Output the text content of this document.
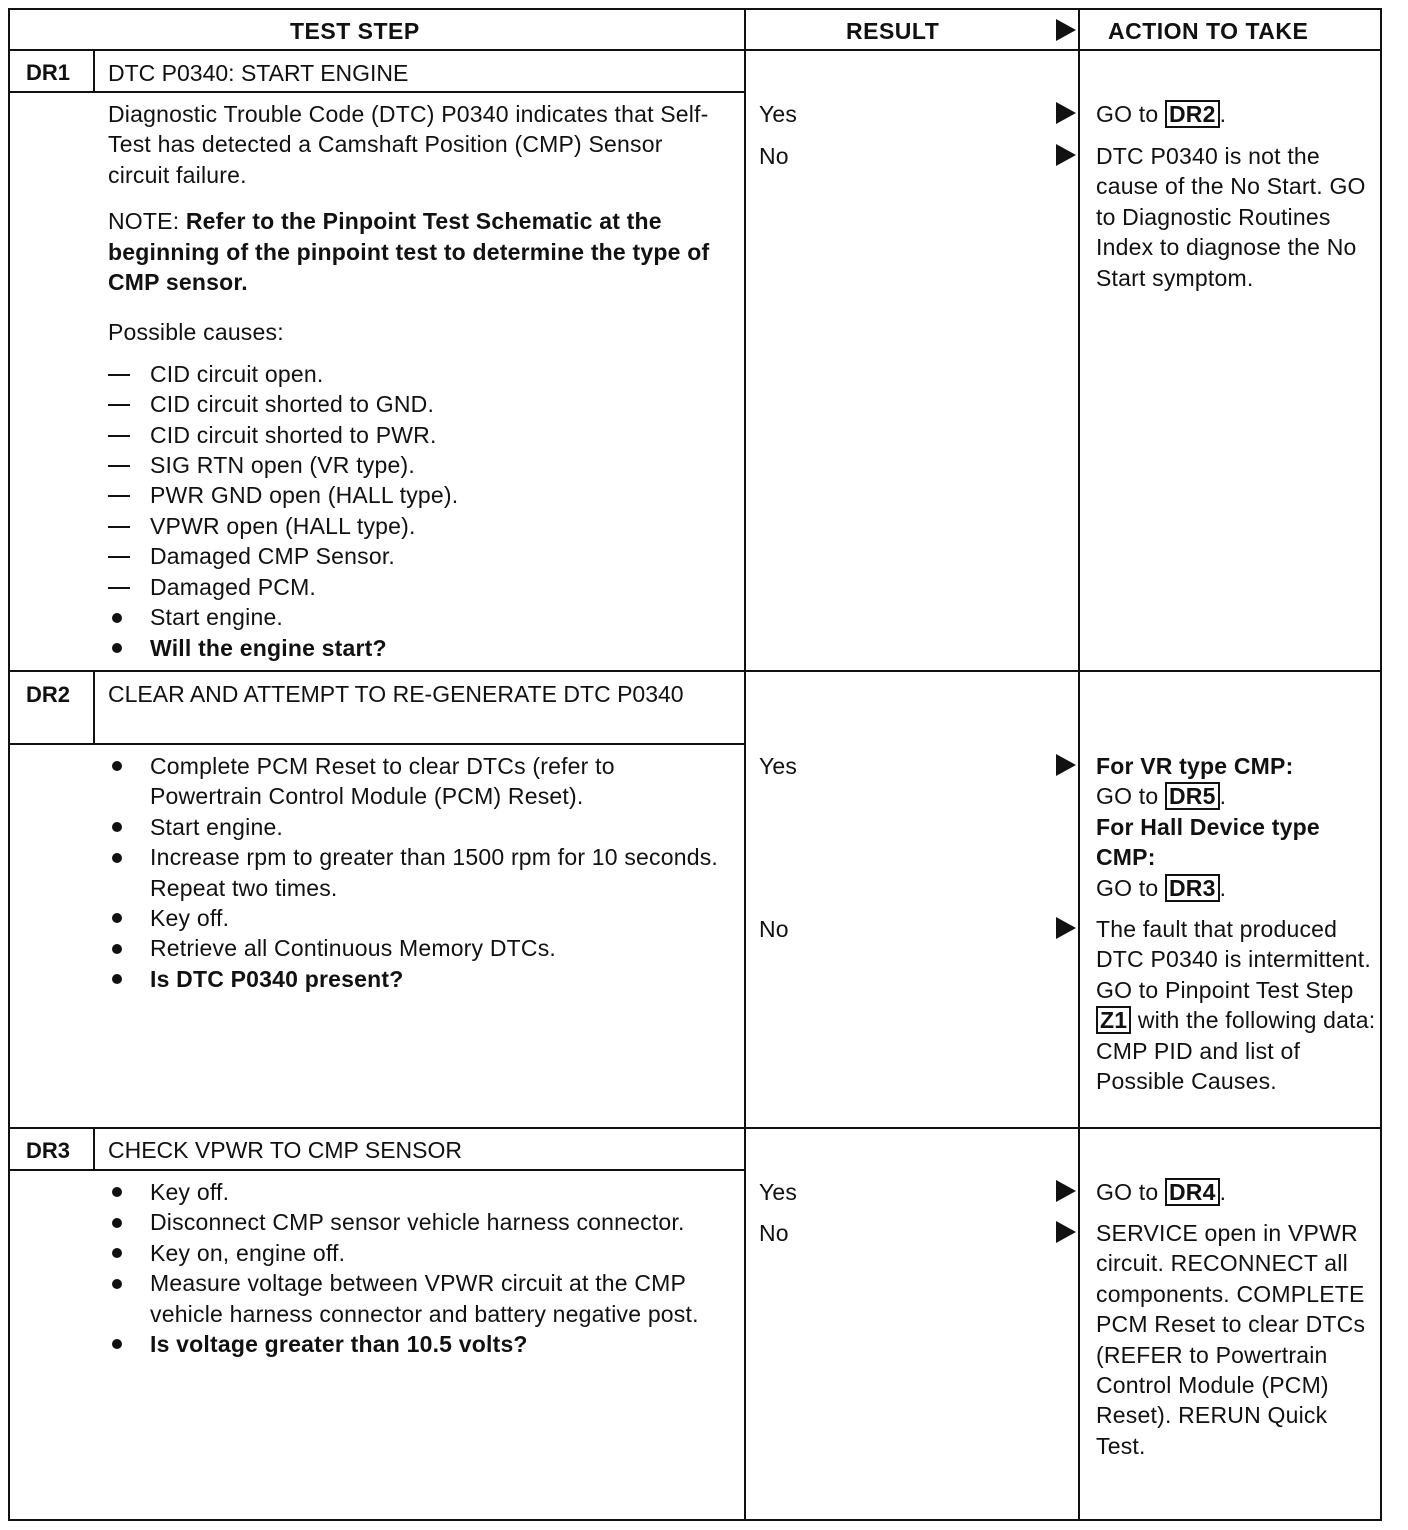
TEST STEP	RESULT	ACTION TO TAKE
DR1 DTC P0340: START ENGINE
Diagnostic Trouble Code (DTC) P0340 indicates that Self-Test has detected a Camshaft Position (CMP) Sensor circuit failure.
NOTE: Refer to the Pinpoint Test Schematic at the beginning of the pinpoint test to determine the type of CMP sensor.
Possible causes:
CID circuit open.
CID circuit shorted to GND.
CID circuit shorted to PWR.
SIG RTN open (VR type).
PWR GND open (HALL type).
VPWR open (HALL type).
Damaged CMP Sensor.
Damaged PCM.
Start engine.
Will the engine start?
Yes
No
GO to DR2 .
DTC P0340 is not the cause of the No Start. GO to Diagnostic Routines Index to diagnose the No Start symptom.
DR2 CLEAR AND ATTEMPT TO RE-GENERATE DTC P0340
Complete PCM Reset to clear DTCs (refer to Powertrain Control Module (PCM) Reset).
Start engine.
Increase rpm to greater than 1500 rpm for 10 seconds. Repeat two times.
Key off.
Retrieve all Continuous Memory DTCs.
Is DTC P0340 present?
Yes
No
For VR type CMP:
GO to DR5 .
For Hall Device type CMP:
GO to DR3 .
The fault that produced DTC P0340 is intermittent. GO to Pinpoint Test Step Z1 with the following data: CMP PID and list of Possible Causes.
DR3 CHECK VPWR TO CMP SENSOR
Key off.
Disconnect CMP sensor vehicle harness connector.
Key on, engine off.
Measure voltage between VPWR circuit at the CMP vehicle harness connector and battery negative post.
Is voltage greater than 10.5 volts?
Yes
No
GO to DR4 .
SERVICE open in VPWR circuit. RECONNECT all components. COMPLETE PCM Reset to clear DTCs (REFER to Powertrain Control Module (PCM) Reset). RERUN Quick Test.
